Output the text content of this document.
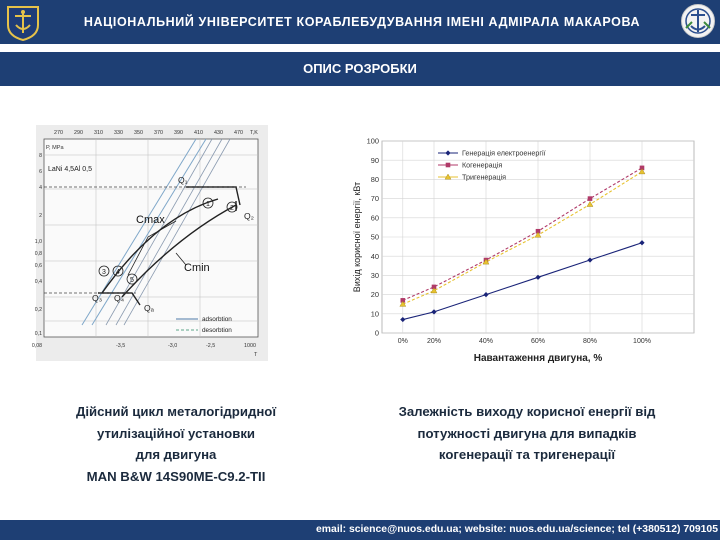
НАЦІОНАЛЬНИЙ УНІВЕРСИТЕТ КОРАБЛЕБУДУВАННЯ ІМЕНІ АДМІРАЛА МАКАРОВА
ОПИС РОЗРОБКИ
270 290 310 330 350 370 390 410 430 470 T,K
P, MPa
8
6
4
2
1,0
0,8
0,6
0,4
0,2
0,1
0,08	-3,5	-3,0	-2,5	1000
T
LaNi 4,5Al 0,5
Q₂
Q₁
Q₃ Q₄
Qₐ
1
2
3 4
5
Cmax
Cmin
adsorbtion
desorbtion
100
90
80
70
60
50
40
30
20
10
0
0%	20%	40%	60%	80%	100%
Вихід корисної енергії, кВт
Навантаження двигуна, %
Генерація електроенергії
Когенерація
Тригенерація
Дійсний цикл металогідридної
утилізаційної установки
для двигуна
MAN B&W 14S90ME-C9.2-TII
Залежність виходу корисної енергії від
потужності двигуна для випадків
когенерації та тригенерації
email: science@nuos.edu.ua; website: nuos.edu.ua/science; tel (+380512) 709105
